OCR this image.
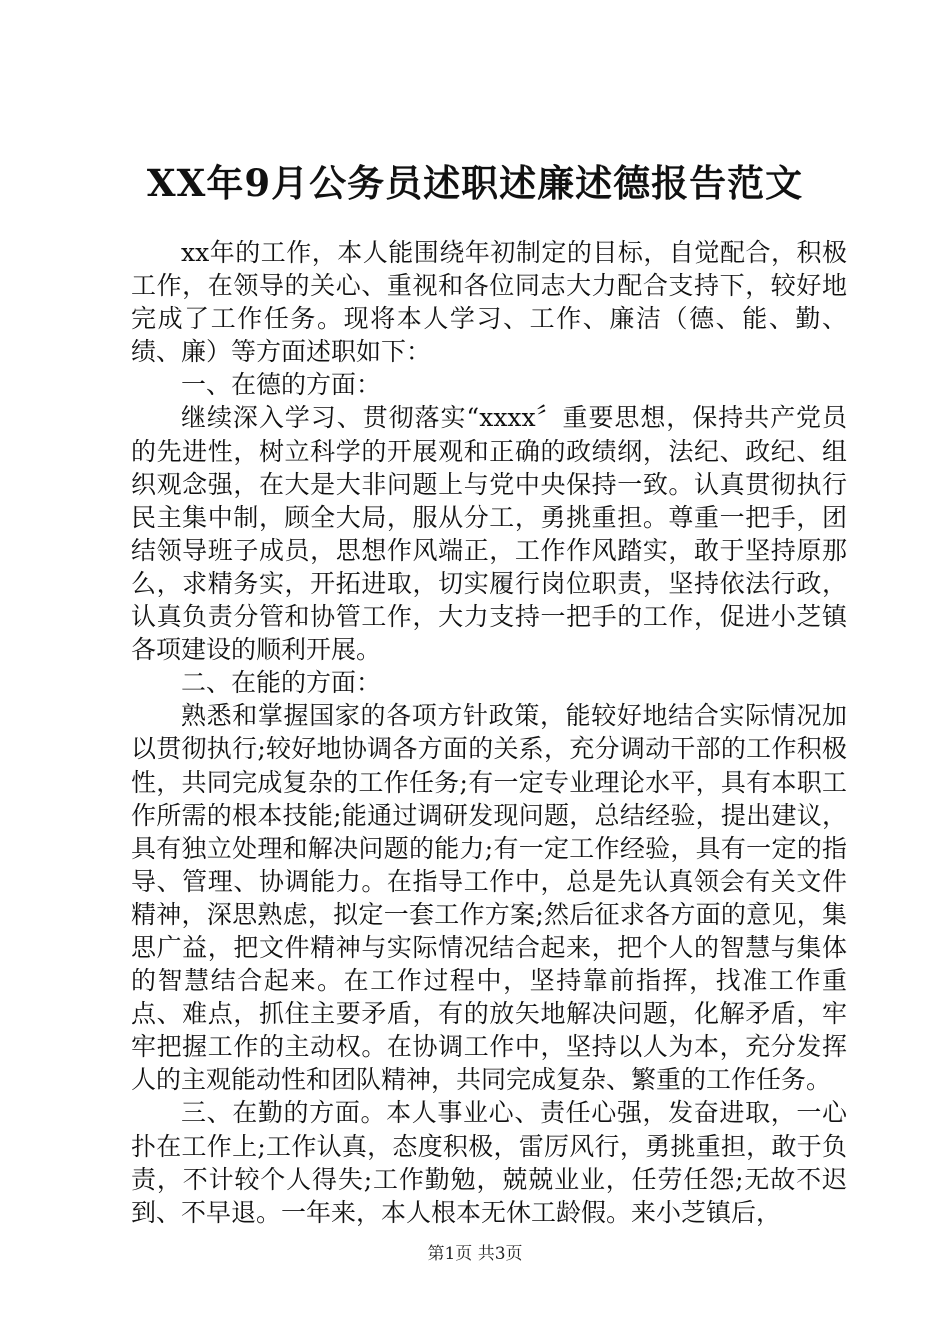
XX年9月公务员述职述廉述德报告范文

xx年的工作，本人能围绕年初制定的目标，自觉配合，积极工作，在领导的关心、重视和各位同志大力配合支持下，较好地完成了工作任务。现将本人学习、工作、廉洁（德、能、勤、绩、廉）等方面述职如下：

一、在德的方面：

继续深入学习、贯彻落实“xxxx〞重要思想，保持共产党员的先进性，树立科学的开展观和正确的政绩纲，法纪、政纪、组织观念强，在大是大非问题上与党中央保持一致。认真贯彻执行民主集中制，顾全大局，服从分工，勇挑重担。尊重一把手，团结领导班子成员，思想作风端正，工作作风踏实，敢于坚持原那么，求精务实，开拓进取，切实履行岗位职责，坚持依法行政，认真负责分管和协管工作，大力支持一把手的工作，促进小芝镇各项建设的顺利开展。

二、在能的方面：

熟悉和掌握国家的各项方针政策，能较好地结合实际情况加以贯彻执行;较好地协调各方面的关系，充分调动干部的工作积极性，共同完成复杂的工作任务;有一定专业理论水平，具有本职工作所需的根本技能;能通过调研发现问题，总结经验，提出建议，具有独立处理和解决问题的能力;有一定工作经验，具有一定的指导、管理、协调能力。在指导工作中，总是先认真领会有关文件精神，深思熟虑，拟定一套工作方案;然后征求各方面的意见，集思广益，把文件精神与实际情况结合起来，把个人的智慧与集体的智慧结合起来。在工作过程中，坚持靠前指挥，找准工作重点、难点，抓住主要矛盾，有的放矢地解决问题，化解矛盾，牢牢把握工作的主动权。在协调工作中，坚持以人为本，充分发挥人的主观能动性和团队精神，共同完成复杂、繁重的工作任务。

三、在勤的方面。本人事业心、责任心强，发奋进取，一心扑在工作上;工作认真，态度积极，雷厉风行，勇挑重担，敢于负责，不计较个人得失;工作勤勉，兢兢业业，任劳任怨;无故不迟到、不早退。一年来，本人根本无休工龄假。来小芝镇后，

第1页 共3页
